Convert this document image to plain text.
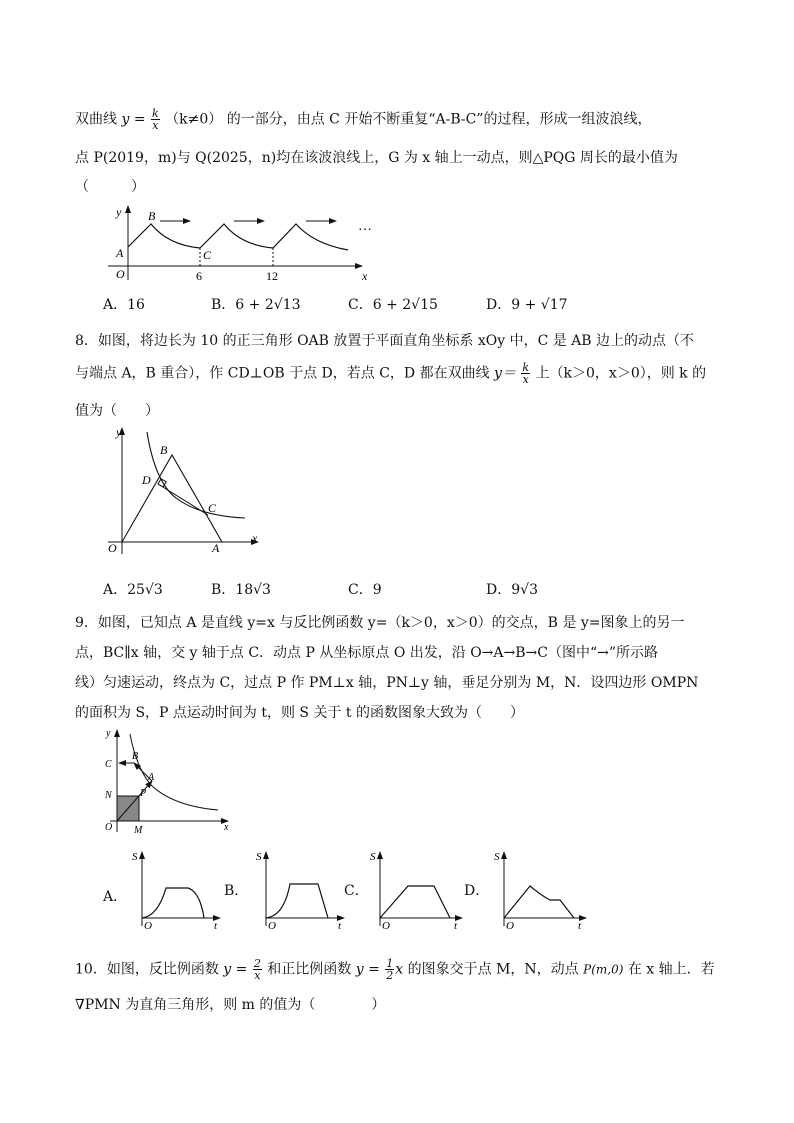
双曲线 $y = \frac{k}{x} (k\ne 0)$ 的一部分，由点 C 开始不断重复“A-B-C”的过程，形成一组波浪线，
点 P(2019，m)与 Q(2025，n)均在该波浪线上，G 为 x 轴上一动点，则△PQG 周长的最小值为
（　　　）
y
x
A
B
C
O	6	12
…
A．16	B．6 + 2√13	C．6 + 2√15	D．9 + √17
8．如图，将边长为 10 的正三角形 OAB 放置于平面直角坐标系 xOy 中，C 是 AB 边上的动点（不
与端点 A，B 重合），作 CD⊥OB 于点 D，若点 C，D 都在双曲线 $y= \frac{k}{x}$ 上（k＞0，x＞0），则 k 的
值为（　　）
y
x
O	A
B
C
D
A．25√3	B．18√3	C．9	D．9√3
9．如图，已知点 A 是直线 y=x 与反比例函数 y=（k＞0，x＞0）的交点，B 是 y=图象上的另一
点，BC∥x 轴，交 y 轴于点 C．动点 P 从坐标原点 O 出发，沿 O→A→B→C（图中“→”所示路
线）匀速运动，终点为 C，过点 P 作 PM⊥x 轴，PN⊥y 轴，垂足分别为 M，N．设四边形 OMPN
的面积为 S，P 点运动时间为 t，则 S 关于 t 的函数图象大致为（　　）
y
x
O
C
B
A
N	P
M
A．
S
O	t
B．
S
O	t
C．
S
O	t
D．
S
O	t
10．如图，反比例函数 $y = \frac{2}{x}$ 和正比例函数 $y = \frac{1}{2}$ x 的图象交于点 M，N，动点 P(m,0) 在 x 轴上．若
∇PMN 为直角三角形，则 m 的值为（　　　　）
